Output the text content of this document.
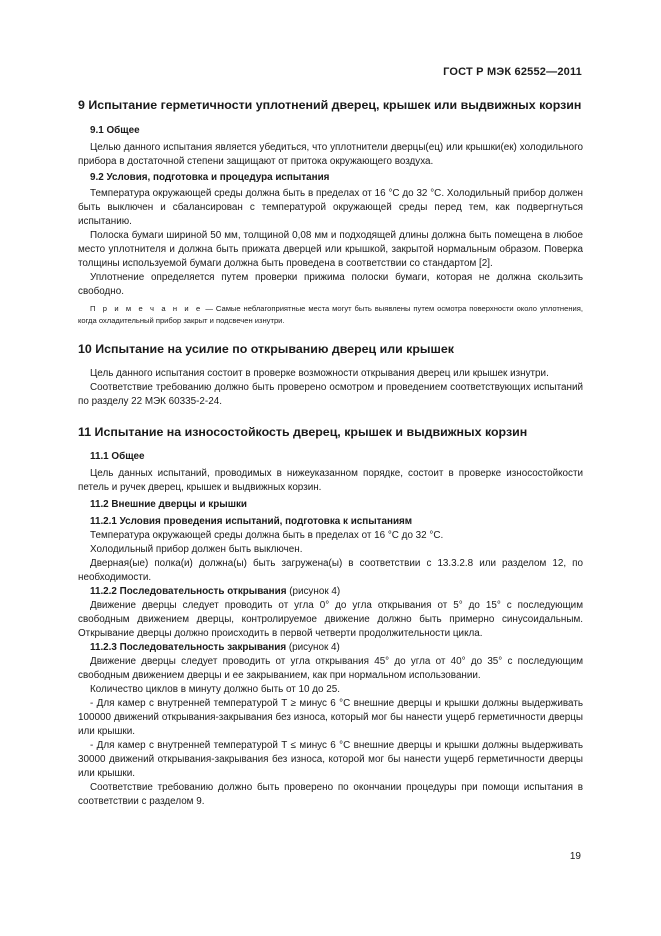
ГОСТ Р МЭК 62552—2011
9 Испытание герметичности уплотнений дверец, крышек или выдвижных корзин
9.1 Общее

Целью данного испытания является убедиться, что уплотнители дверцы(ец) или крышки(ек) холодильного прибора в достаточной степени защищают от притока окружающего воздуха.

9.2 Условия, подготовка и процедура испытания

Температура окружающей среды должна быть в пределах от 16 °С до 32 °С. Холодильный прибор должен быть выключен и сбалансирован с температурой окружающей среды перед тем, как подвергнуться испытанию.

Полоска бумаги шириной 50 мм, толщиной 0,08 мм и подходящей длины должна быть помещена в любое место уплотнителя и должна быть прижата дверцей или крышкой, закрытой нормальным образом. Поверка толщины используемой бумаги должна быть проведена в соответствии со стандартом [2].

Уплотнение определяется путем проверки прижима полоски бумаги, которая не должна скользить свободно.

П р и м е ч а н и е — Самые неблагоприятные места могут быть выявлены путем осмотра поверхности около уплотнения, когда охладительный прибор закрыт и подсвечен изнутри.
10 Испытание на усилие по открыванию дверец или крышек

Цель данного испытания состоит в проверке возможности открывания дверец или крышек изнутри.

Соответствие требованию должно быть проверено осмотром и проведением соответствующих испытаний по разделу 22 МЭК 60335-2-24.

11 Испытание на износостойкость дверец, крышек и выдвижных корзин
11.1 Общее

Цель данных испытаний, проводимых в нижеуказанном порядке, состоит в проверке износостойкости петель и ручек дверец, крышек и выдвижных корзин.

11.2 Внешние дверцы и крышки
11.2.1 Условия проведения испытаний, подготовка к испытаниям

Температура окружающей среды должна быть в пределах от 16 °С до 32 °С.

Холодильный прибор должен быть выключен.

Дверная(ые) полка(и) должна(ы) быть загружена(ы) в соответствии с 13.3.2.8 или разделом 12, по необходимости.

11.2.2 Последовательность открывания (рисунок 4)

Движение дверцы следует проводить от угла 0° до угла открывания от 5° до 15° с последующим свободным движением дверцы, контролируемое движение должно быть примерно синусоидальным. Открывание дверцы должно происходить в первой четверти продолжительности цикла.

11.2.3 Последовательность закрывания (рисунок 4)

Движение дверцы следует проводить от угла открывания 45° до угла от 40° до 35° с последующим свободным движением дверцы и ее закрыванием, как при нормальном использовании.

Количество циклов в минуту должно быть от 10 до 25.

- Для камер с внутренней температурой Т ≥ минус 6 °С внешние дверцы и крышки должны выдерживать 100000 движений открывания-закрывания без износа, который мог бы нанести ущерб герметичности дверцы или крышки.

- Для камер с внутренней температурой Т ≤ минус 6 °С внешние дверцы и крышки должны выдерживать 30000 движений открывания-закрывания без износа, которой мог бы нанести ущерб герметичности дверцы или крышки.

Соответствие требованию должно быть проверено по окончании процедуры при помощи испытания в соответствии с разделом 9.

19
